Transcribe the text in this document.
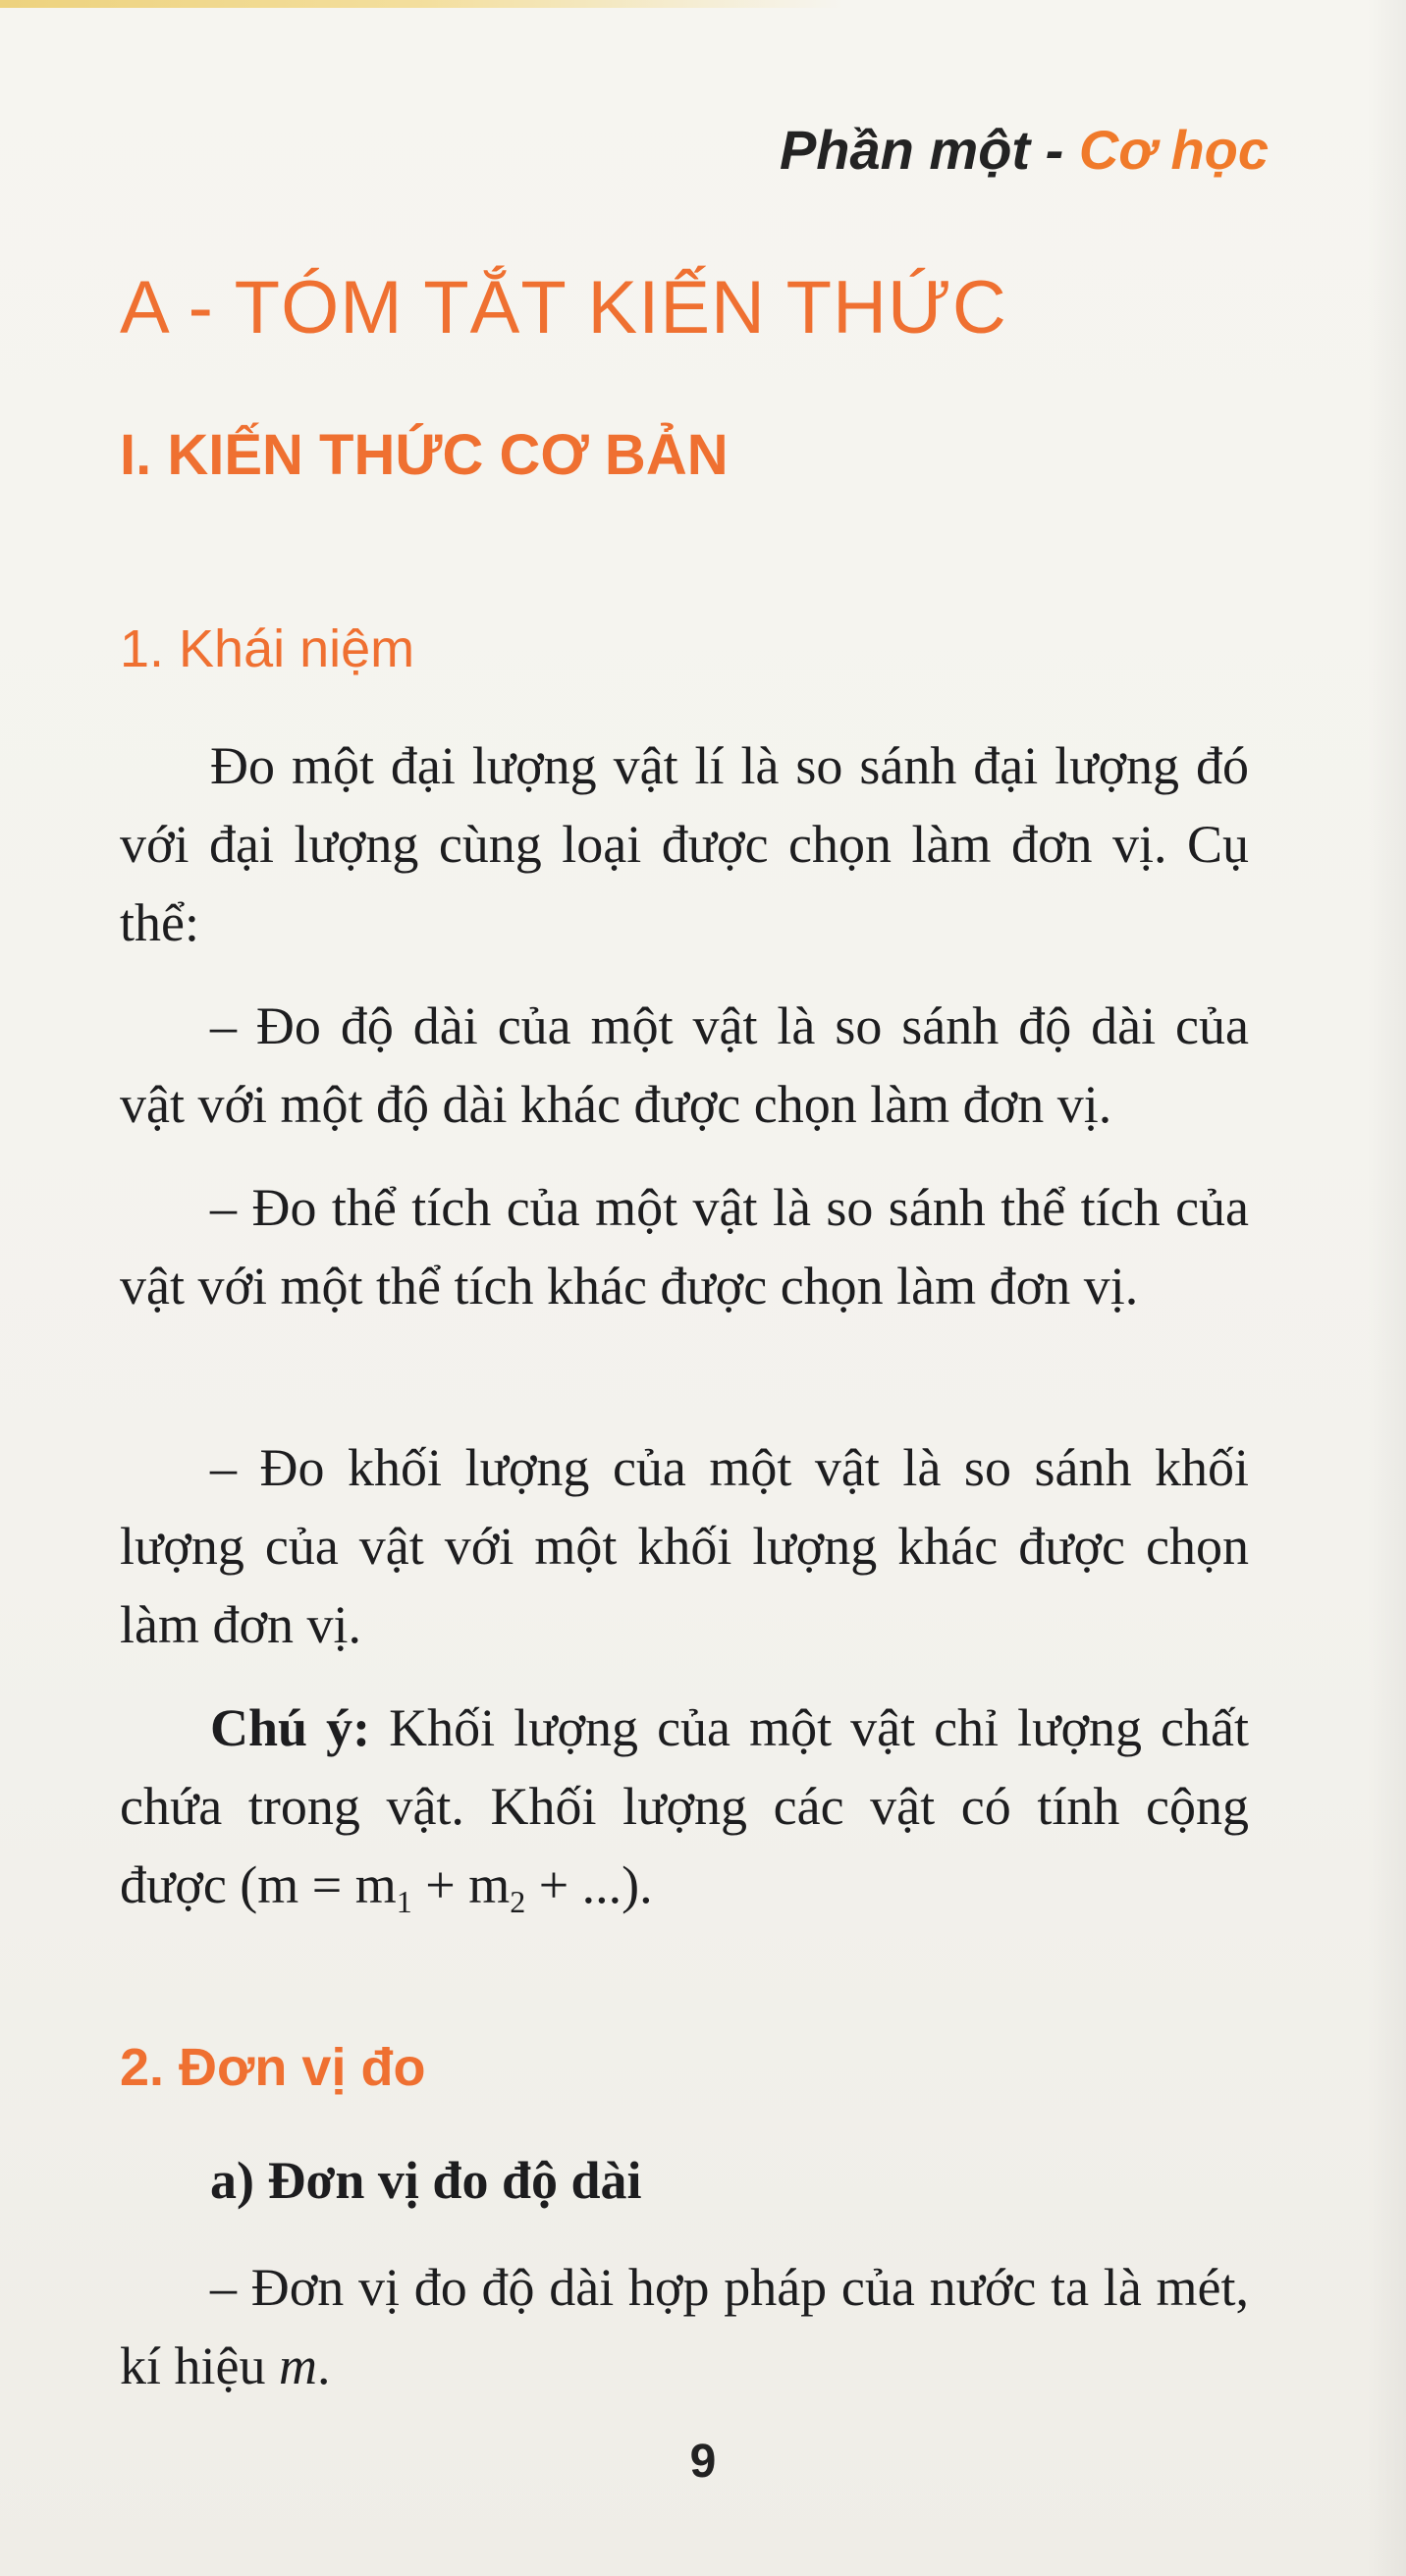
Phần một - Cơ học
A - TÓM TẮT KIẾN THỨC
I. KIẾN THỨC CƠ BẢN
1. Khái niệm

Đo một đại lượng vật lí là so sánh đại lượng đó với đại lượng cùng loại được chọn làm đơn vị. Cụ thể:

– Đo độ dài của một vật là so sánh độ dài của vật với một độ dài khác được chọn làm đơn vị.

– Đo thể tích của một vật là so sánh thể tích của vật với một thể tích khác được chọn làm đơn vị.

– Đo khối lượng của một vật là so sánh khối lượng của vật với một khối lượng khác được chọn làm đơn vị.

Chú ý: Khối lượng của một vật chỉ lượng chất chứa trong vật. Khối lượng các vật có tính cộng được ($m = m_1 + m_2$ + ...).

2. Đơn vị đo
a) Đơn vị đo độ dài

– Đơn vị đo độ dài hợp pháp của nước ta là mét, kí hiệu m.

9
